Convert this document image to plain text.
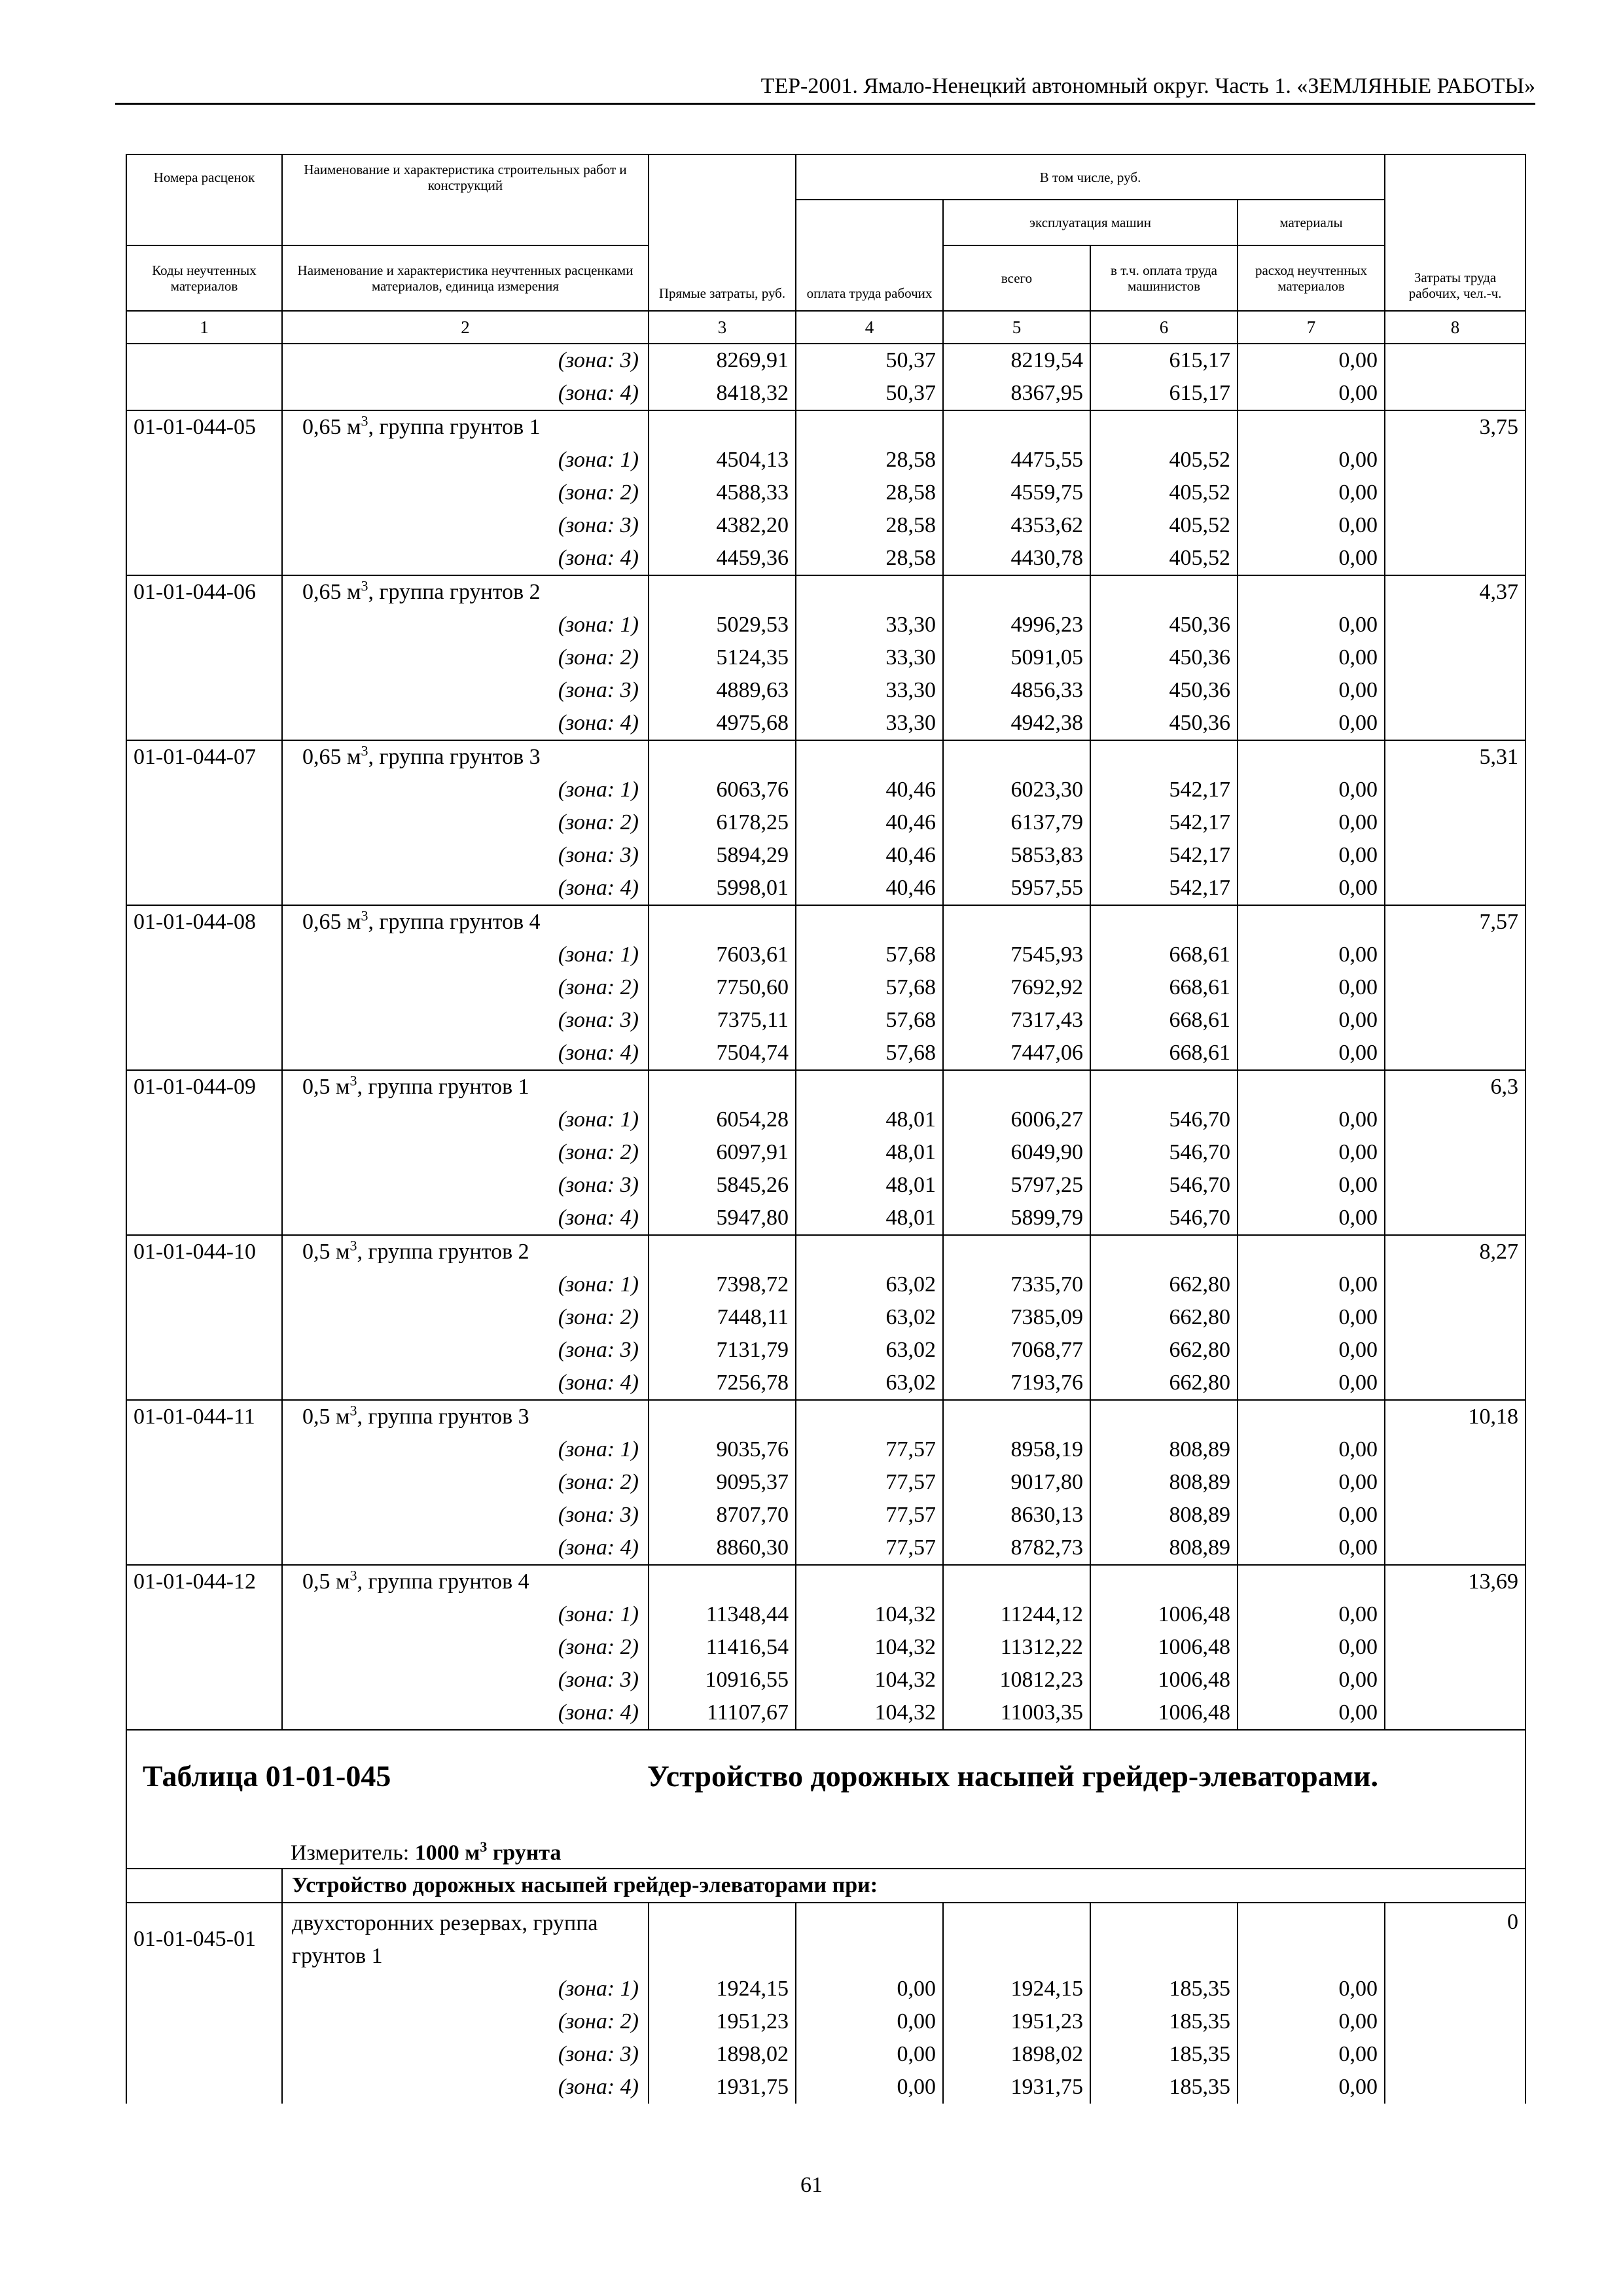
ТЕР-2001. Ямало-Ненецкий автономный округ. Часть 1. «ЗЕМЛЯНЫЕ РАБОТЫ»
Номера расценок	Наименование и характеристика строительных работ и конструкций	Прямые затраты, руб.	В том числе, руб.				Затраты труда рабочих, чел.-ч.
			оплата труда рабочих	эксплуатация машин		материалы	
Коды неучтенных материалов	Наименование и характеристика неучтенных расценками материалов, единица измерения			всего	в т.ч. оплата труда машинистов	расход неучтенных материалов	
1	2	3	4	5	6	7	8
	(зона: 3)	8269,91	50,37	8219,54	615,17	0,00	
	(зона: 4)	8418,32	50,37	8367,95	615,17	0,00	
01-01-044-05	0,65 $м^3$, группа грунтов 1						3,75
	(зона: 1)	4504,13	28,58	4475,55	405,52	0,00	
	(зона: 2)	4588,33	28,58	4559,75	405,52	0,00	
	(зона: 3)	4382,20	28,58	4353,62	405,52	0,00	
	(зона: 4)	4459,36	28,58	4430,78	405,52	0,00	
01-01-044-06	0,65 $м^3$, группа грунтов 2						4,37
	(зона: 1)	5029,53	33,30	4996,23	450,36	0,00	
	(зона: 2)	5124,35	33,30	5091,05	450,36	0,00	
	(зона: 3)	4889,63	33,30	4856,33	450,36	0,00	
	(зона: 4)	4975,68	33,30	4942,38	450,36	0,00	
01-01-044-07	0,65 $м^3$, группа грунтов 3						5,31
	(зона: 1)	6063,76	40,46	6023,30	542,17	0,00	
	(зона: 2)	6178,25	40,46	6137,79	542,17	0,00	
	(зона: 3)	5894,29	40,46	5853,83	542,17	0,00	
	(зона: 4)	5998,01	40,46	5957,55	542,17	0,00	
01-01-044-08	0,65 $м^3$, группа грунтов 4						7,57
	(зона: 1)	7603,61	57,68	7545,93	668,61	0,00	
	(зона: 2)	7750,60	57,68	7692,92	668,61	0,00	
	(зона: 3)	7375,11	57,68	7317,43	668,61	0,00	
	(зона: 4)	7504,74	57,68	7447,06	668,61	0,00	
01-01-044-09	0,5 $м^3$, группа грунтов 1						6,3
	(зона: 1)	6054,28	48,01	6006,27	546,70	0,00	
	(зона: 2)	6097,91	48,01	6049,90	546,70	0,00	
	(зона: 3)	5845,26	48,01	5797,25	546,70	0,00	
	(зона: 4)	5947,80	48,01	5899,79	546,70	0,00	
01-01-044-10	0,5 $м^3$, группа грунтов 2						8,27
	(зона: 1)	7398,72	63,02	7335,70	662,80	0,00	
	(зона: 2)	7448,11	63,02	7385,09	662,80	0,00	
	(зона: 3)	7131,79	63,02	7068,77	662,80	0,00	
	(зона: 4)	7256,78	63,02	7193,76	662,80	0,00	
01-01-044-11	0,5 $м^3$, группа грунтов 3						10,18
	(зона: 1)	9035,76	77,57	8958,19	808,89	0,00	
	(зона: 2)	9095,37	77,57	9017,80	808,89	0,00	
	(зона: 3)	8707,70	77,57	8630,13	808,89	0,00	
	(зона: 4)	8860,30	77,57	8782,73	808,89	0,00	
01-01-044-12	0,5 $м^3$, группа грунтов 4						13,69
	(зона: 1)	11348,44	104,32	11244,12	1006,48	0,00	
	(зона: 2)	11416,54	104,32	11312,22	1006,48	0,00	
	(зона: 3)	10916,55	104,32	10812,23	1006,48	0,00	
	(зона: 4)	11107,67	104,32	11003,35	1006,48	0,00	

Таблица 01-01-045 Устройство дорожных насыпей грейдер-элеваторами.
Измеритель: 1000 $м^3$ грунта							

	Устройство дорожных насыпей грейдер-элеваторами при:						
01-01-045-01	двухсторонних резервах, группа грунтов 1						0
	(зона: 1)	1924,15	0,00	1924,15	185,35	0,00	
	(зона: 2)	1951,23	0,00	1951,23	185,35	0,00	
	(зона: 3)	1898,02	0,00	1898,02	185,35	0,00	
	(зона: 4)	1931,75	0,00	1931,75	185,35	0,00	
61
